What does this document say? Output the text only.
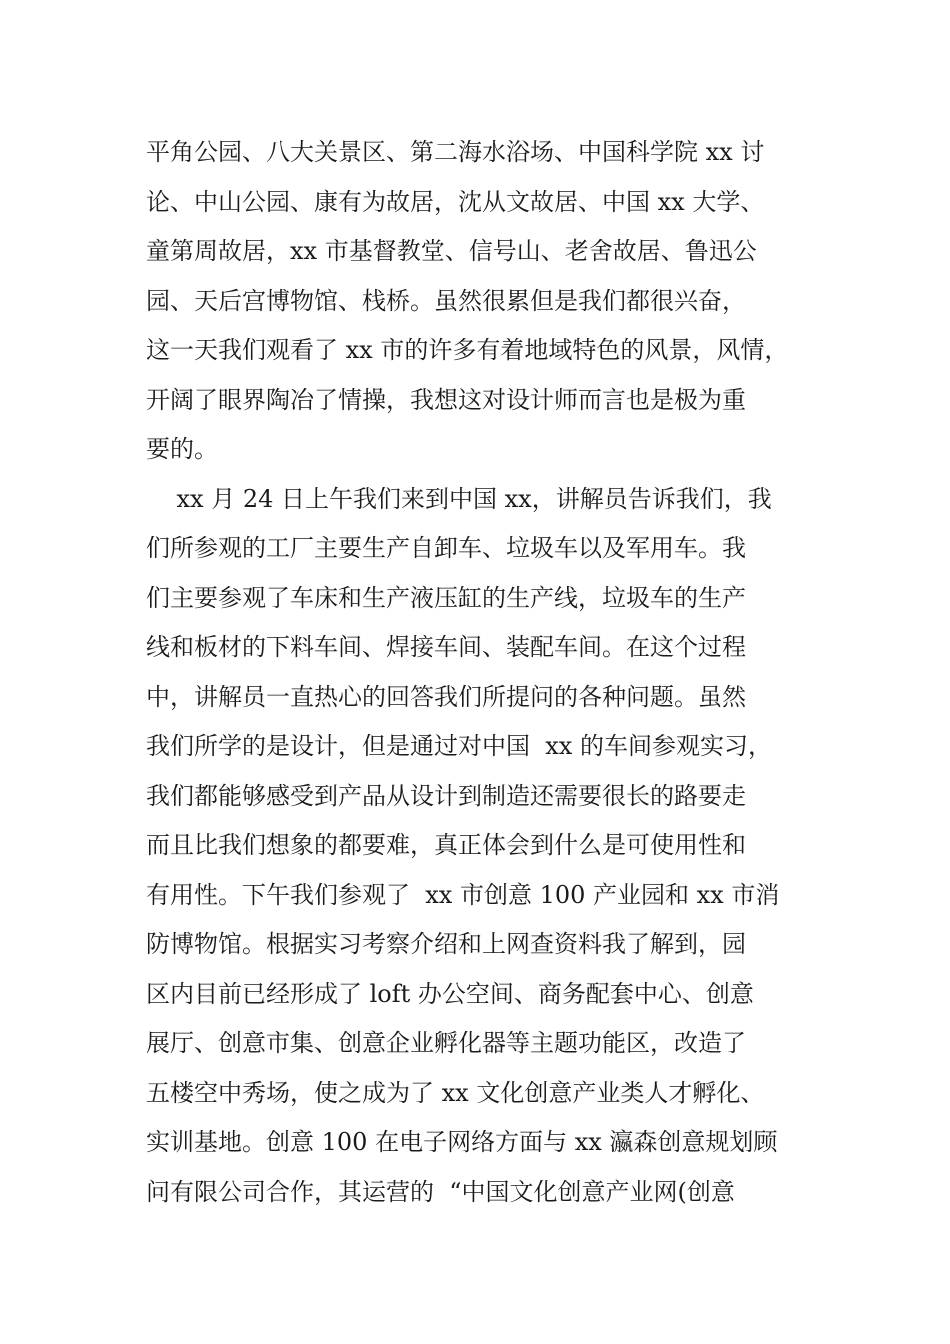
平角公园、八大关景区、第二海水浴场、中国科学院 xx 讨
论、中山公园、康有为故居，沈从文故居、中国 xx 大学、
童第周故居，xx 市基督教堂、信号山、老舍故居、鲁迅公
园、天后宫博物馆、栈桥。虽然很累但是我们都很兴奋，
这一天我们观看了 xx 市的许多有着地域特色的风景，风情，
开阔了眼界陶冶了情操，我想这对设计师而言也是极为重
要的。
xx 月 24 日上午我们来到中国 xx，讲解员告诉我们，我
们所参观的工厂主要生产自卸车、垃圾车以及军用车。我
们主要参观了车床和生产液压缸的生产线，垃圾车的生产
线和板材的下料车间、焊接车间、装配车间。在这个过程
中，讲解员一直热心的回答我们所提问的各种问题。虽然
我们所学的是设计，但是通过对中国  xx 的车间参观实习，
我们都能够感受到产品从设计到制造还需要很长的路要走
而且比我们想象的都要难，真正体会到什么是可使用性和
有用性。下午我们参观了  xx 市创意 100 产业园和 xx 市消
防博物馆。根据实习考察介绍和上网查资料我了解到，园
区内目前已经形成了 loft 办公空间、商务配套中心、创意
展厅、创意市集、创意企业孵化器等主题功能区，改造了
五楼空中秀场，使之成为了 xx 文化创意产业类人才孵化、
实训基地。创意 100 在电子网络方面与 xx 瀛森创意规划顾
问有限公司合作，其运营的  “中国文化创意产业网(创意
